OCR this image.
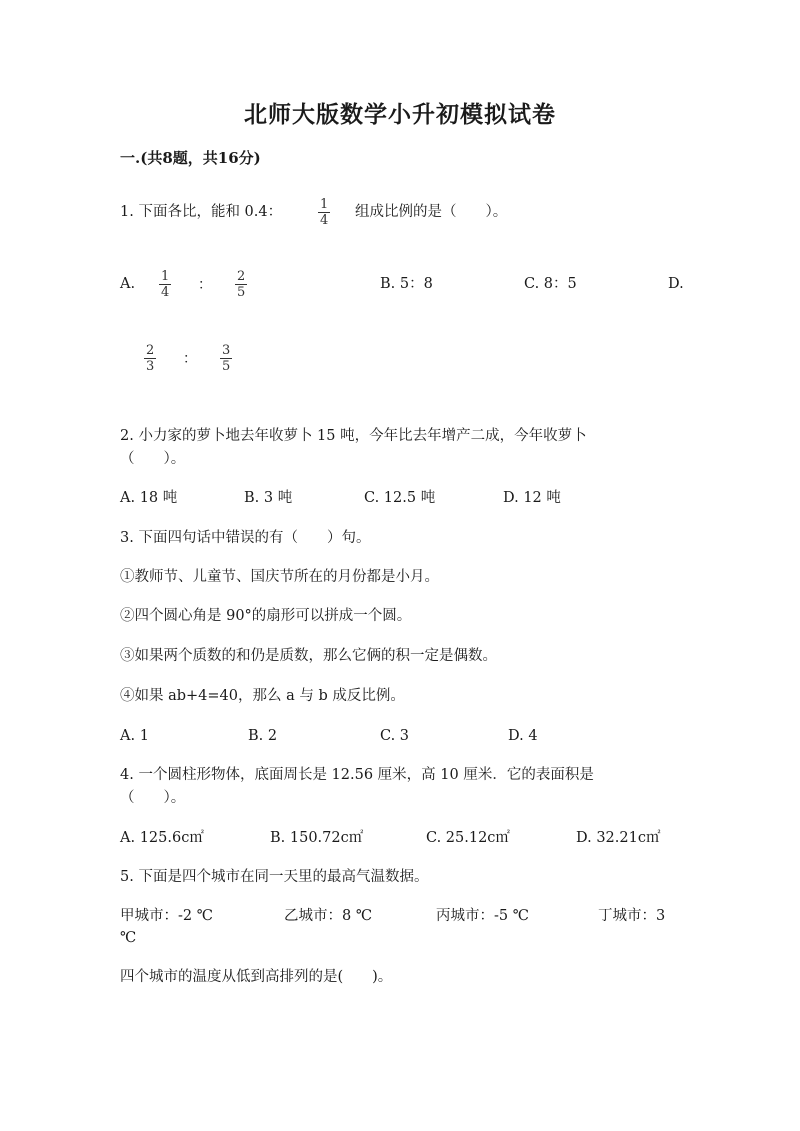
北师大版数学小升初模拟试卷
一.(共8题，共16分)
1. 下面各比，能和 0.4：	$\frac{1}{4}$ 组成比例的是（　　）。
A. $\frac{1}{4}$ ： $\frac{2}{5}$	B. 5：8	C. 8：5	D.
$\frac{2}{3}$ ： $\frac{3}{5}$
2. 小力家的萝卜地去年收萝卜 15 吨，今年比去年增产二成，今年收萝卜
（　　）。
A. 18 吨	B. 3 吨	C. 12.5 吨	D. 12 吨
3. 下面四句话中错误的有（　　）句。
①教师节、儿童节、国庆节所在的月份都是小月。
②四个圆心角是 90°的扇形可以拼成一个圆。
③如果两个质数的和仍是质数，那么它俩的积一定是偶数。
④如果 ab+4=40，那么 a 与 b 成反比例。
A. 1	B. 2	C. 3	D. 4
4. 一个圆柱形物体，底面周长是 12.56 厘米，高 10 厘米．它的表面积是
（　　）。
A. 125.6c㎡	B. 150.72c㎡	C. 25.12c㎡	D. 32.21c㎡
5. 下面是四个城市在同一天里的最高气温数据。
甲城市：-2 ℃	乙城市：8 ℃	丙城市：-5 ℃	丁城市：3
℃
四个城市的温度从低到高排列的是(　　)。
